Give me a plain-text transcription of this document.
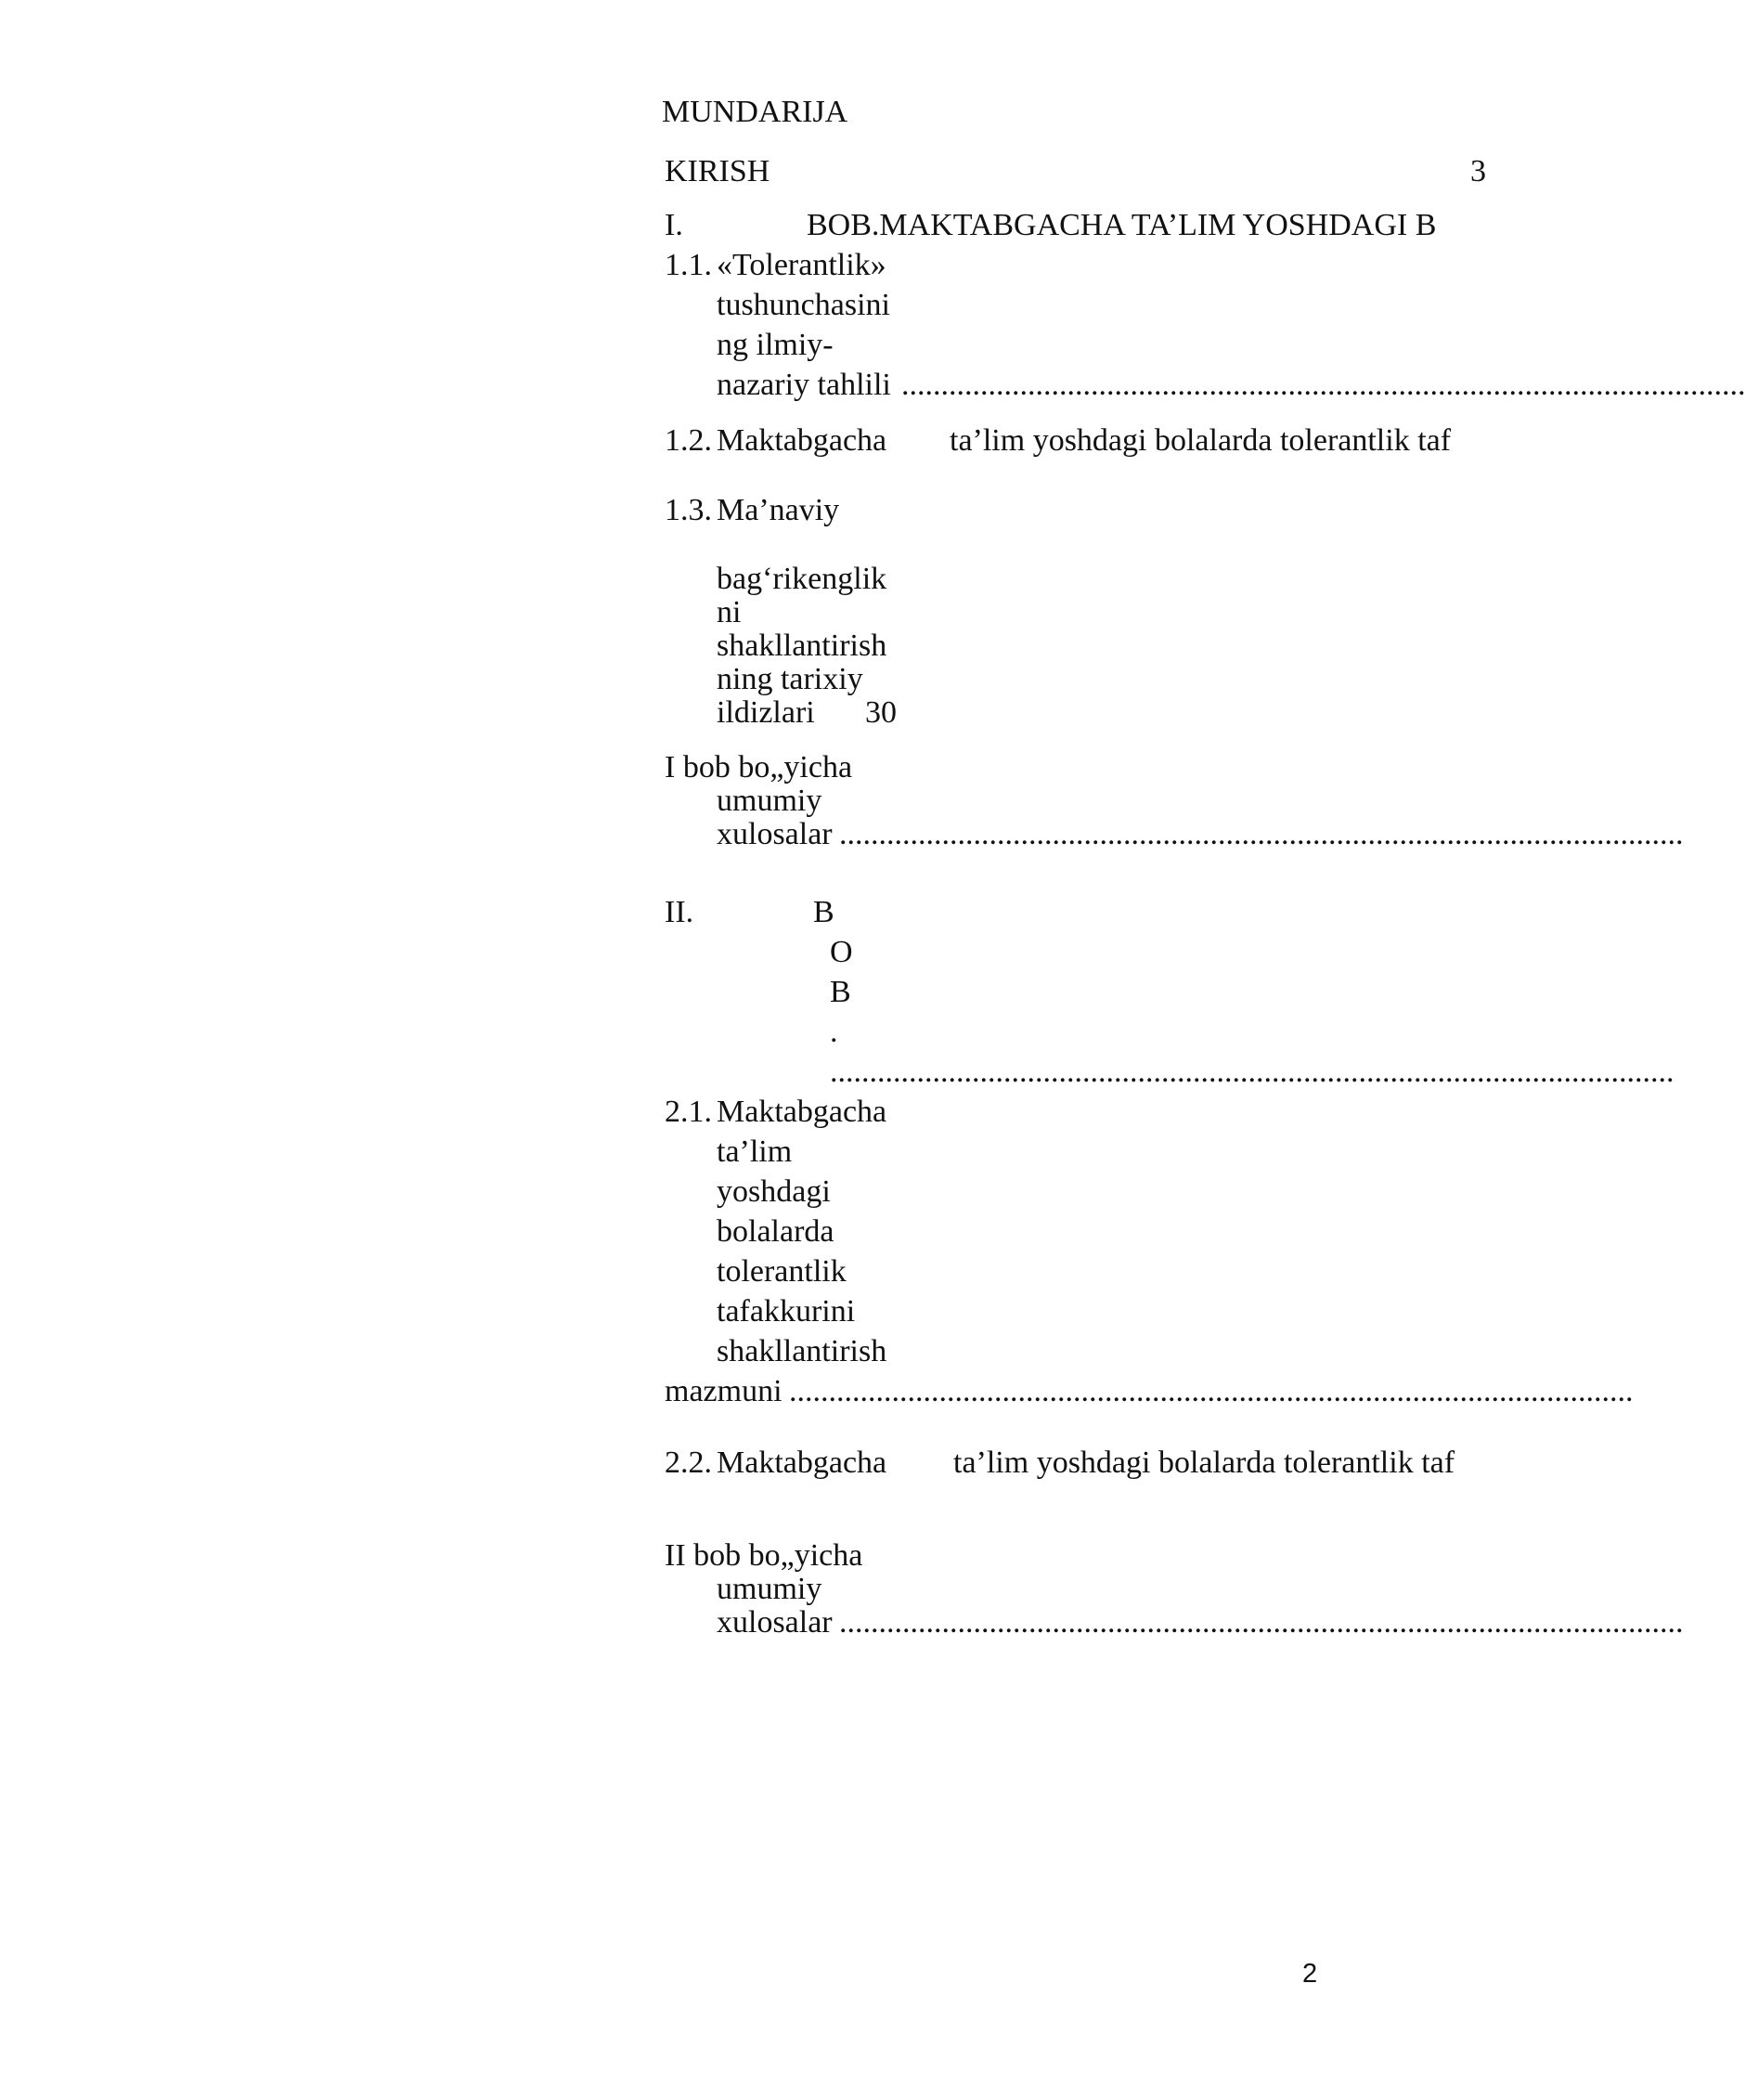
MUNDARIJA
KIRISH	3
I.	BOB.MAKTABGACHA TA’LIM YOSHDAGI B
1.1. «Tolerantlik»
tushunchasini
ng ilmiy-
nazariy tahlili ...........................................................................................................
1.2. Maktabgacha ta’lim yoshdagi bolalarda tolerantlik taf
1.3. Ma’naviy
bag‘rikenglik
ni
shakllantirish
ning tarixiy
ildizlari 30
I bob bo„yicha
umumiy
xulosalar ...........................................................................................................
II.	B
O
B
.
...........................................................................................................
2.1. Maktabgacha
ta’lim
yoshdagi
bolalarda
tolerantlik
tafakkurini
shakllantirish
mazmuni ...........................................................................................................
2.2. Maktabgacha ta’lim yoshdagi bolalarda tolerantlik taf
II bob bo„yicha
umumiy
xulosalar ...........................................................................................................
2
